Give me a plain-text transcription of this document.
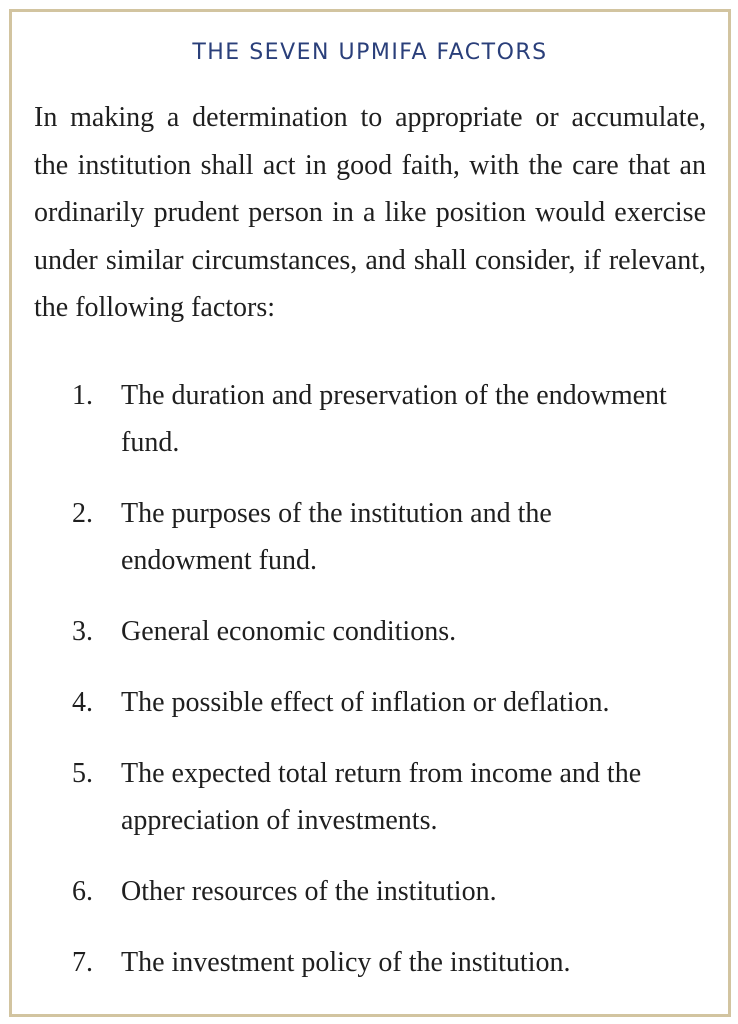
THE SEVEN UPMIFA FACTORS

In making a determination to appropriate or accumulate, the institution shall act in good faith, with the care that an ordinarily prudent person in a like position would exercise under similar circumstances, and shall consider, if relevant, the following factors:

1. The duration and preservation of the endowment fund.
2. The purposes of the institution and the endowment fund.
3. General economic conditions.
4. The possible effect of inflation or deflation.
5. The expected total return from income and the appreciation of investments.
6. Other resources of the institution.
7. The investment policy of the institution.
